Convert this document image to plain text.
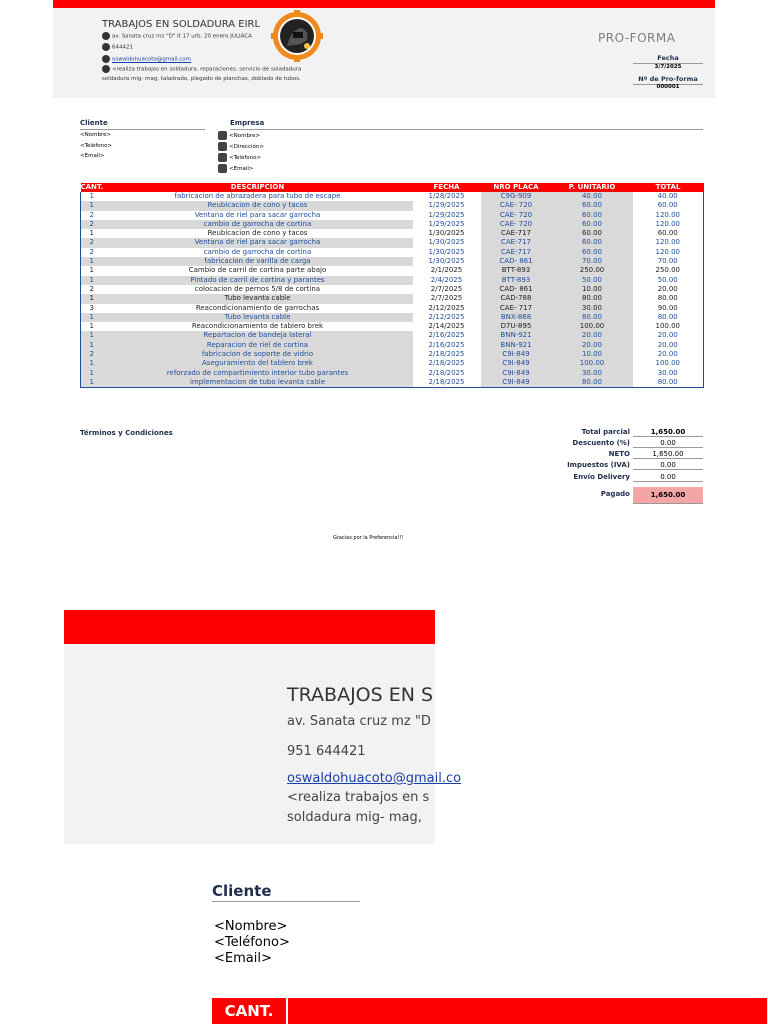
TRABAJOS EN SOLDADURA EIRL
av. Sanata cruz mz "D" lt 17 urb. 20 enero JULIACA
644421
oswaldohuacoto@gmail.com
<realiza trabajos en soldadura, reparaciones, servicio de soladadura
soldadura mig- mag, taladrado, plegado de planchas, doblado de tubos.
PRO-FORMA
Fecha
3/7/2025
Nº de Pro-forma
000001
Cliente
<Nombre>
<Teléfono>
<Email>
Empresa
<Nombre>
<Dirección>
<Teléfono>
<Email>
CANT.	DESCRIPCIÓN	FECHA	NRO PLACA	P. UNITARIO	TOTAL
1	fabricacion de abrazadera para tubo de escape	1/28/2025	C9G-909	40.00	40.00
1	Reubicacion de cono y tacos	1/29/2025	CAE- 720	60.00	60.00
2	Ventana de riel para sacar garrocha	1/29/2025	CAE- 720	60.00	120.00
2	cambio de garrocha de cortina	1/29/2025	CAE- 720	60.00	120.00
1	Reubicacion de cono y tacos	1/30/2025	CAE-717	60.00	60.00
2	Ventana de riel para sacar garrocha	1/30/2025	CAE-717	60.00	120.00
2	cambio de garrocha de cortina	1/30/2025	CAE-717	60.00	120.00
1	fabricacion de varilla de carga	1/30/2025	CAD- 861	70.00	70.00
1	Cambio de carril de cortina parte abajo	2/1/2025	BTT-893	250.00	250.00
1	Pintado de carril de cortina y parantes	2/4/2025	BTT-893	50.00	50.00
2	colocacion de pernos 5/8 de cortina	2/7/2025	CAD- 861	10.00	20.00
1	Tubo levanta cable	2/7/2025	CAD-788	80.00	80.00
3	Reacondicionamiento de garrochas	2/12/2025	CAE- 717	30.00	90.00
1	Tubo levanta cable	2/12/2025	BNX-868	80.00	80.00
1	Reacondicionamiento de tablero brek	2/14/2025	D7U-895	100.00	100.00
1	Repartacion de bandeja lateral	2/16/2025	BNN-921	20.00	20.00
1	Reparacion de riel de cortina	2/16/2025	BNN-921	20.00	20.00
2	fabricacion de soporte de vidrio	2/18/2025	C9I-849	10.00	20.00
1	Aseguramiento del tablero brek	2/18/2025	C9I-849	100.00	100.00
1	reforzado de compartimiento interior tubo parantes	2/18/2025	C9I-849	30.00	30.00
1	implementacion de tubo levanta cable	2/18/2025	C9I-849	80.00	80.00
Términos y Condiciones	Total parcial	1,650.00
Descuento (%)	0.00
NETO	1,650.00
Impuestos (IVA)	0.00
Envío Delivery	0.00
Pagado	1,650.00
Gracias por la Preferencia!!!
TRABAJOS EN S
av. Sanata cruz mz "D
951 644421
oswaldohuacoto@gmail.co
<realiza trabajos en s
soldadura mig- mag,
Cliente
<Nombre>
<Teléfono>
<Email>
CANT.
